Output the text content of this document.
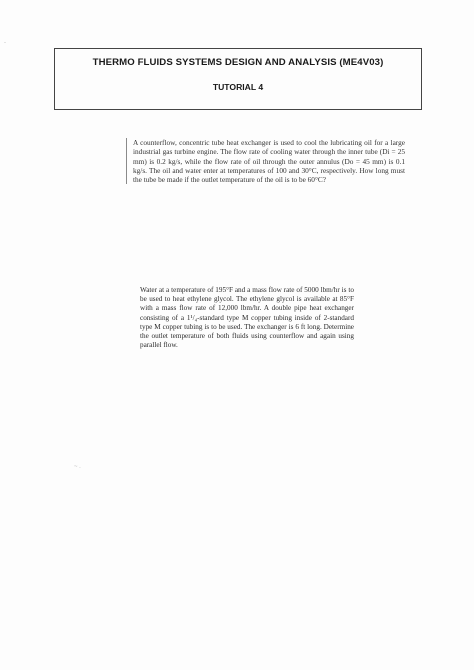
-
THERMO FLUIDS SYSTEMS DESIGN AND ANALYSIS (ME4V03)
TUTORIAL 4
A counterflow, concentric tube heat exchanger is used to cool the lubricating oil for a large industrial gas turbine engine. The flow rate of cooling water through the inner tube (Di = 25 mm) is 0.2 kg/s, while the flow rate of oil through the outer annulus (Do = 45 mm) is 0.1 kg/s. The oil and water enter at temperatures of 100 and 30°C, respectively. How long must the tube be made if the outlet temperature of the oil is to be 60°C?
Water at a temperature of 195°F and a mass flow rate of 5000 lbm/hr is to be used to heat ethylene glycol. The ethylene glycol is available at 85°F with a mass flow rate of 12,000 lbm/hr. A double pipe heat exchanger consisting of a 1¹/₄-standard type M copper tubing inside of 2-standard type M copper tubing is to be used. The exchanger is 6 ft long. Determine the outlet temperature of both fluids using counterflow and again using parallel flow.
~ .
